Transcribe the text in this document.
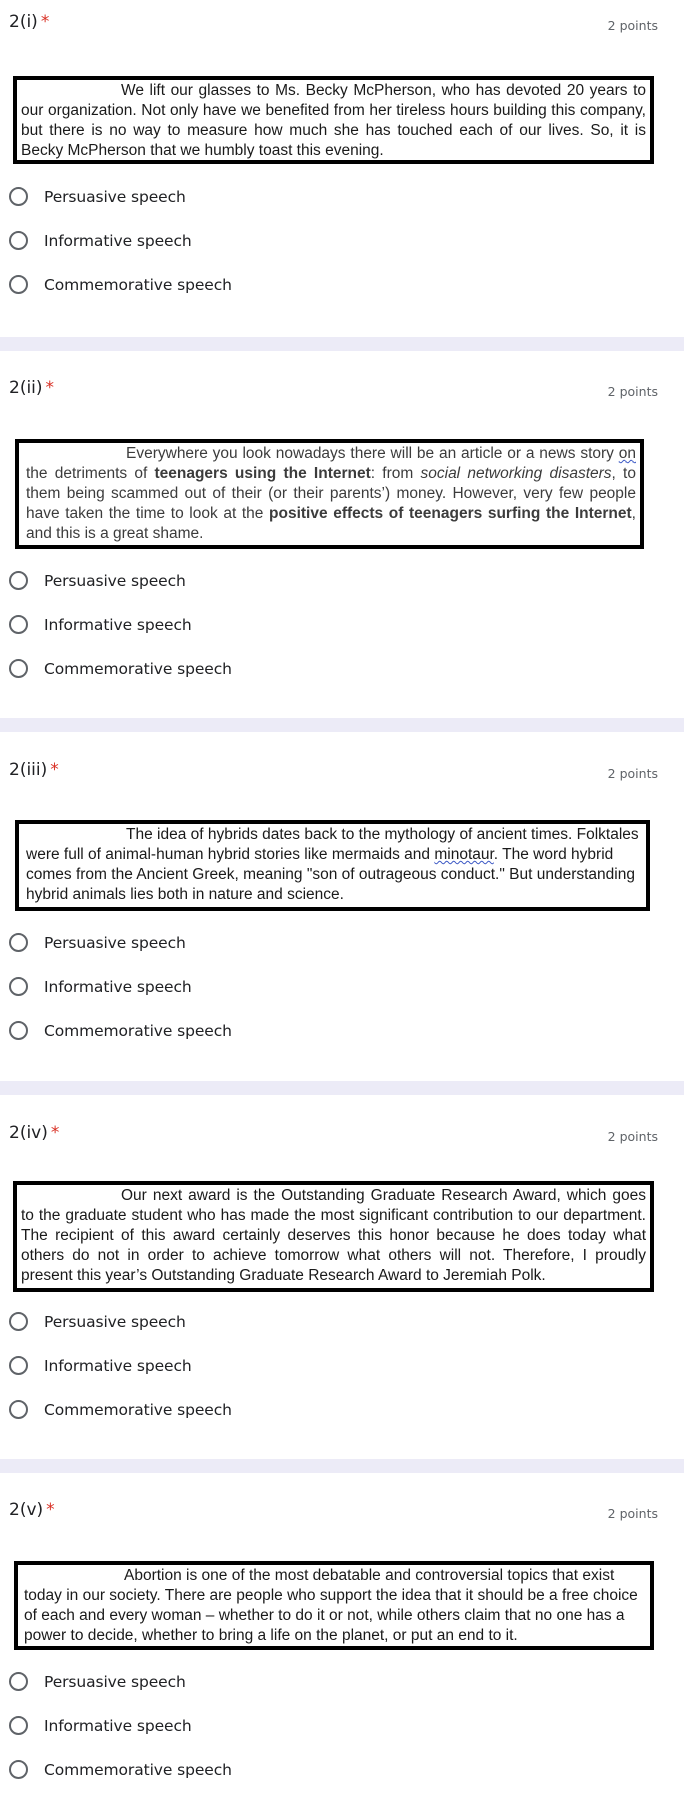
2(i) *	2 points

We lift our glasses to Ms. Becky McPherson, who has devoted 20 years to our organization. Not only have we benefited from her tireless hours building this company, but there is no way to measure how much she has touched each of our lives. So, it is Becky McPherson that we humbly toast this evening.

Persuasive speech
Informative speech
Commemorative speech
2(ii) *	2 points

Everywhere you look nowadays there will be an article or a news story on the detriments of teenagers using the Internet: from social networking disasters, to them being scammed out of their (or their parents’) money. However, very few people have taken the time to look at the positive effects of teenagers surfing the Internet, and this is a great shame.

Persuasive speech
Informative speech
Commemorative speech
2(iii) *	2 points

The idea of hybrids dates back to the mythology of ancient times. Folktales were full of animal-human hybrid stories like mermaids and minotaur. The word hybrid comes from the Ancient Greek, meaning "son of outrageous conduct." But understanding hybrid animals lies both in nature and science.

Persuasive speech
Informative speech
Commemorative speech
2(iv) *	2 points

Our next award is the Outstanding Graduate Research Award, which goes to the graduate student who has made the most significant contribution to our department. The recipient of this award certainly deserves this honor because he does today what others do not in order to achieve tomorrow what others will not. Therefore, I proudly present this year’s Outstanding Graduate Research Award to Jeremiah Polk.

Persuasive speech
Informative speech
Commemorative speech
2(v) *	2 points

Abortion is one of the most debatable and controversial topics that exist today in our society. There are people who support the idea that it should be a free choice of each and every woman – whether to do it or not, while others claim that no one has a power to decide, whether to bring a life on the planet, or put an end to it.

Persuasive speech
Informative speech
Commemorative speech
